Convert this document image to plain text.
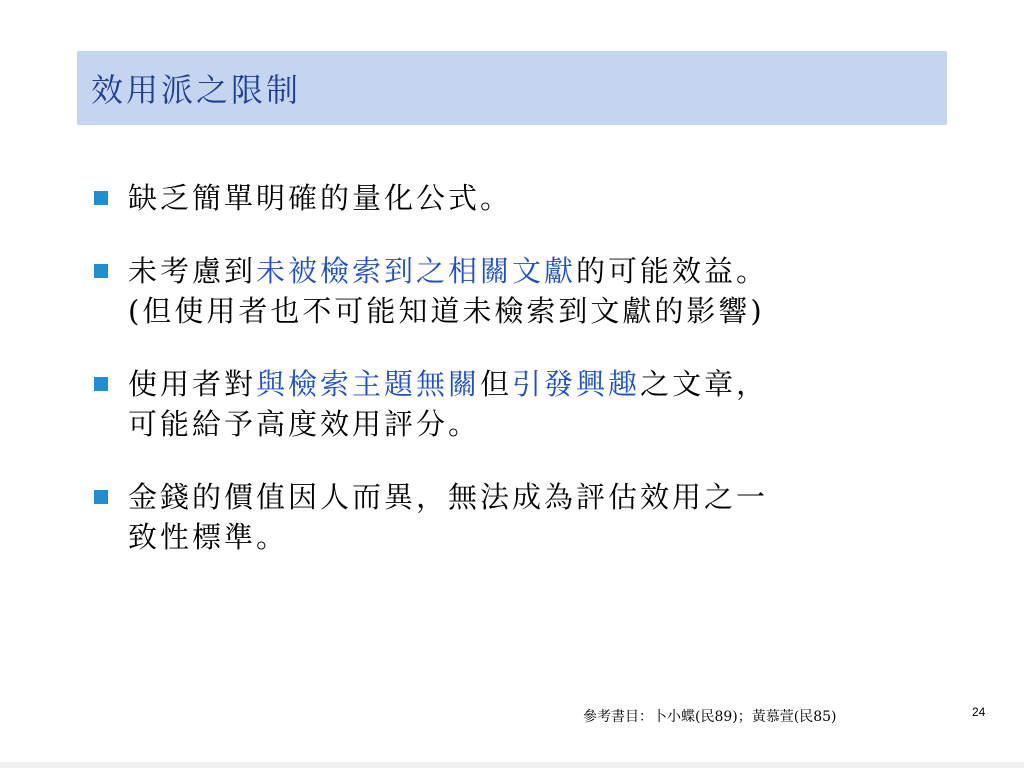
效用派之限制
缺乏簡單明確的量化公式。
未考慮到未被檢索到之相關文獻的可能效益。
(但使用者也不可能知道未檢索到文獻的影響)
使用者對與檢索主題無關但引發興趣之文章，
可能給予高度效用評分。
金錢的價值因人而異，無法成為評估效用之一
致性標準。
參考書目：卜小蝶(民89)；黃慕萱(民85)	24
